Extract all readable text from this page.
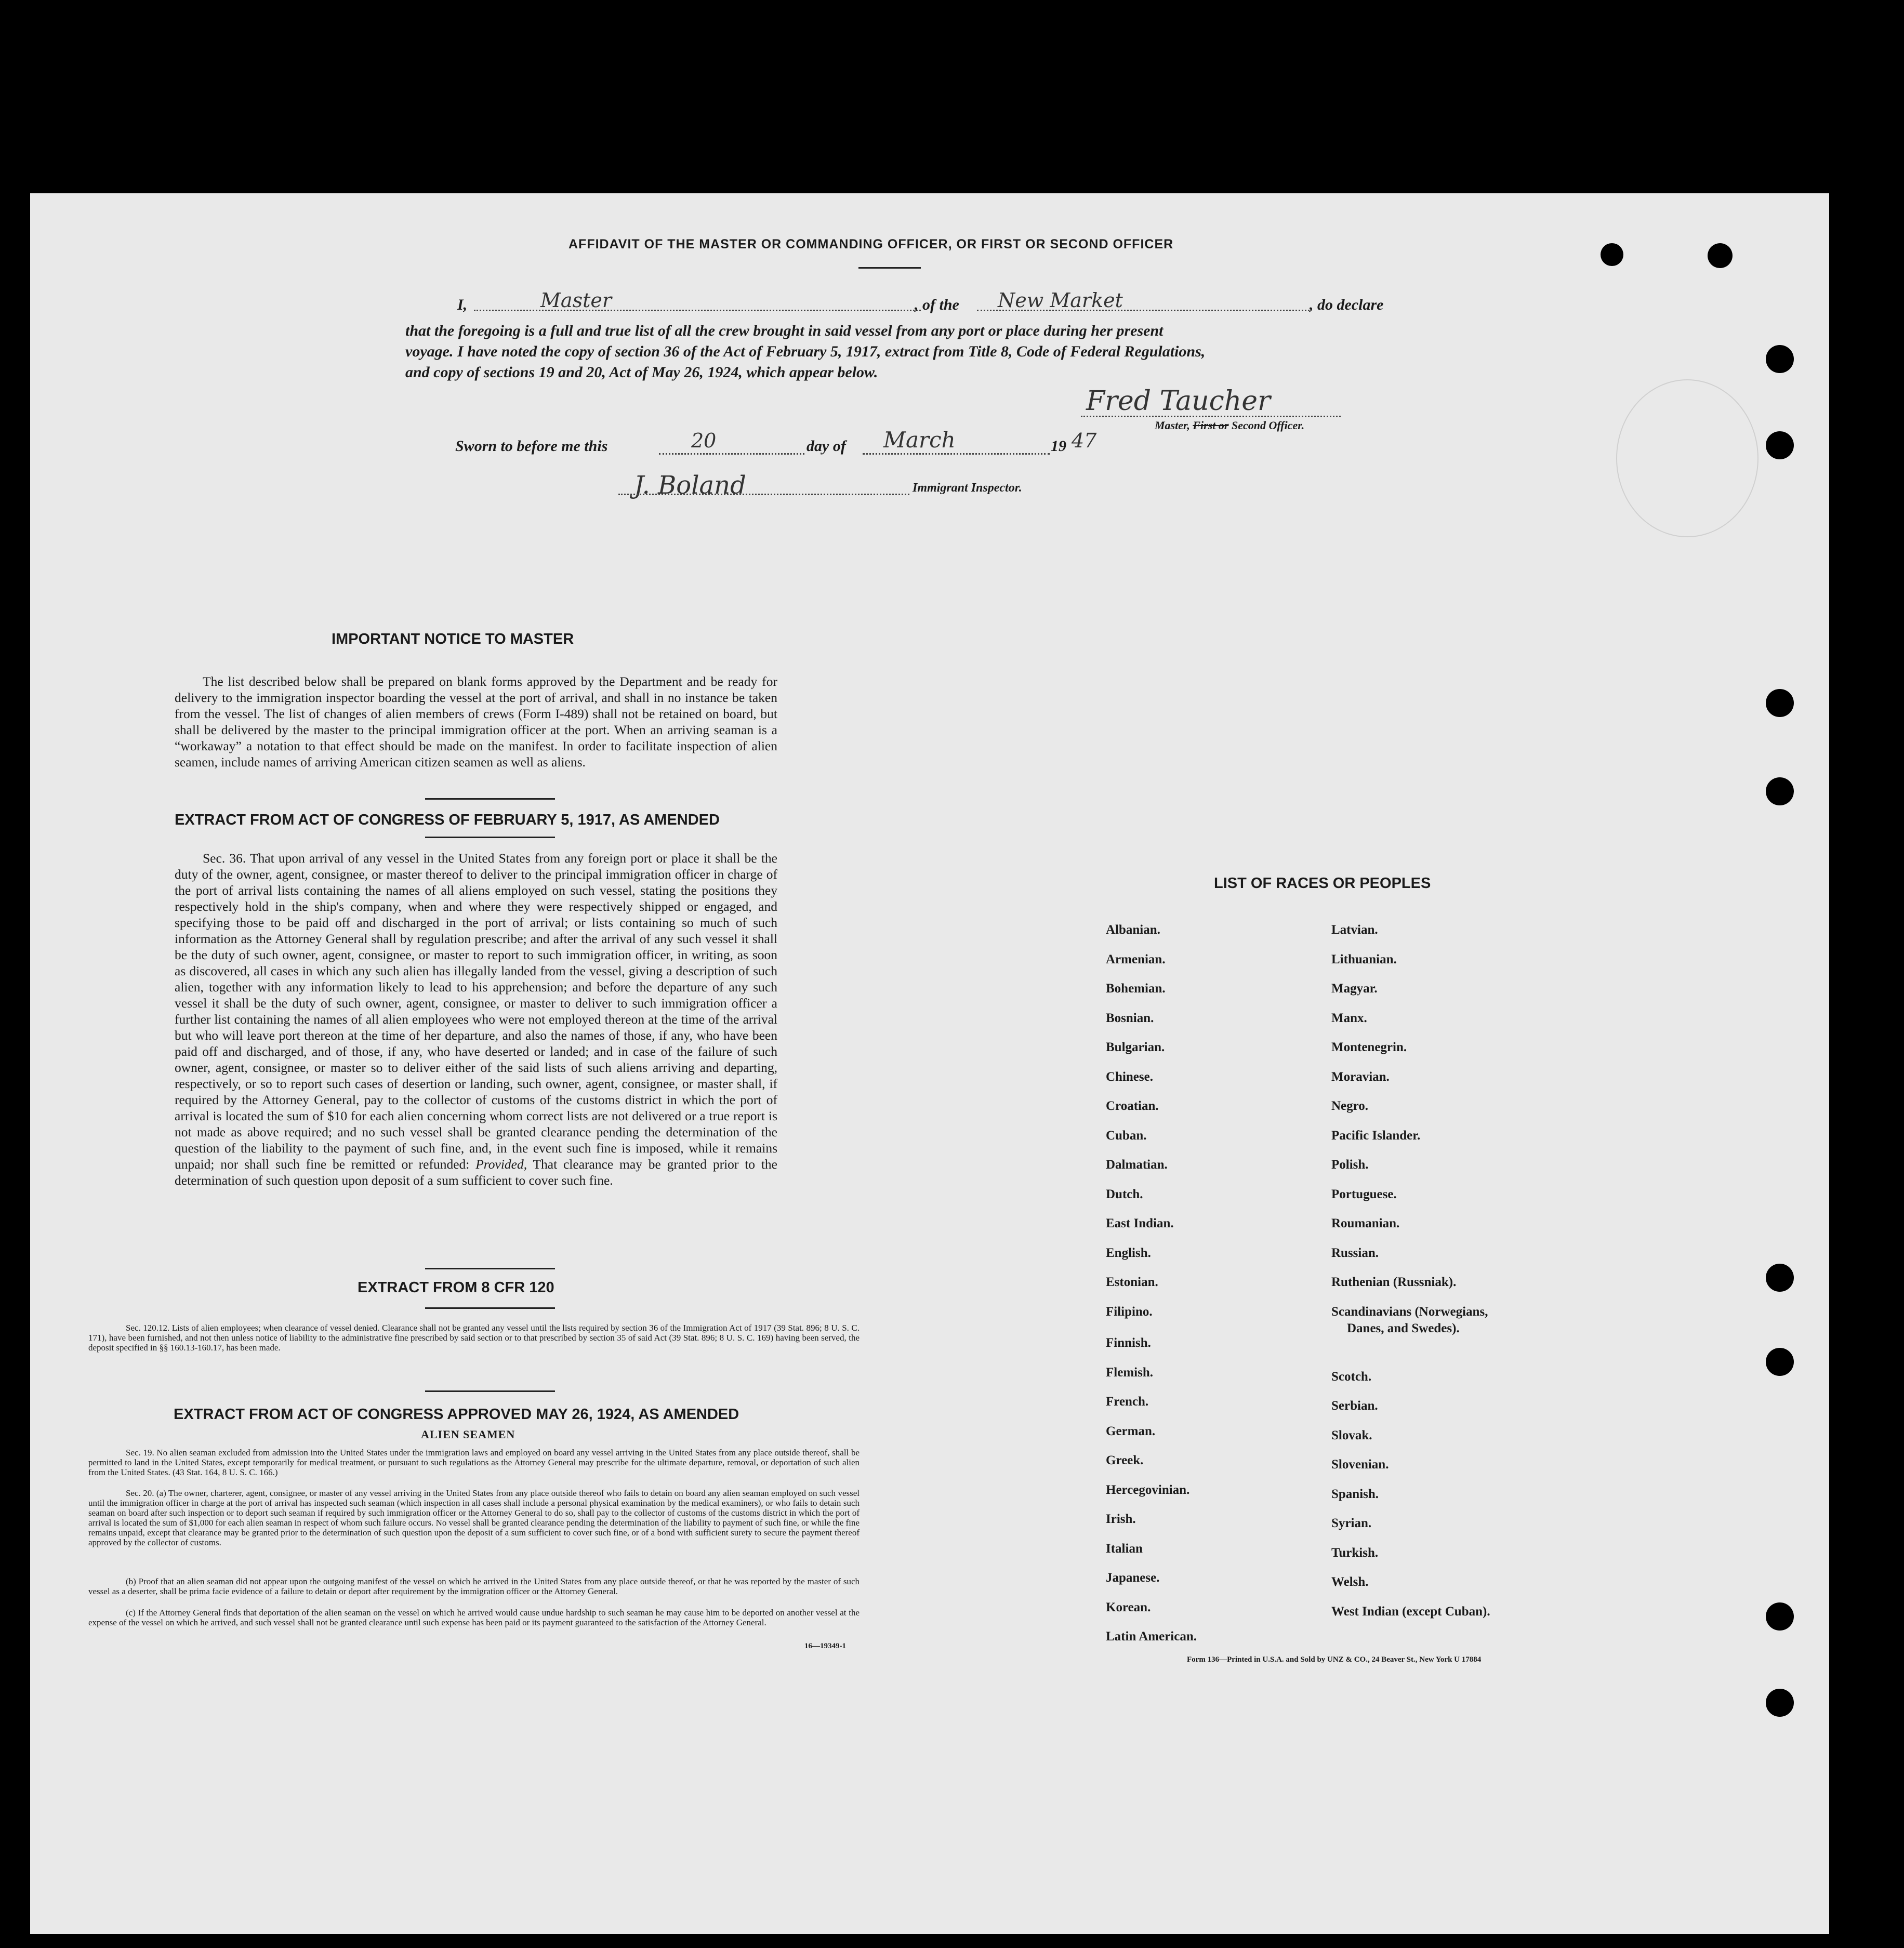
AFFIDAVIT OF THE MASTER OR COMMANDING OFFICER, OR FIRST OR SECOND OFFICER
I,	Master	, of the New Market	, do declare
that the foregoing is a full and true list of all the crew brought in said vessel from any port or place during her present
voyage. I have noted the copy of section 36 of the Act of February 5, 1917, extract from Title 8, Code of Federal Regulations,
and copy of sections 19 and 20, Act of May 26, 1924, which appear below.
Fred Taucher
Master, First or Second Officer.
Sworn to before me this	20	day of March	19 47
J. Boland	Immigrant Inspector.
IMPORTANT NOTICE TO MASTER
The list described below shall be prepared on blank forms approved by the Department and be ready for delivery to the immigration inspector boarding the vessel at the port of arrival, and shall in no instance be taken from the vessel. The list of changes of alien members of crews (Form I-489) shall not be retained on board, but shall be delivered by the master to the principal immigration officer at the port. When an arriving seaman is a “workaway” a notation to that effect should be made on the manifest. In order to facilitate inspection of alien seamen, include names of arriving American citizen seamen as well as aliens.
EXTRACT FROM ACT OF CONGRESS OF FEBRUARY 5, 1917, AS AMENDED
Sec. 36. That upon arrival of any vessel in the United States from any foreign port or place it shall be the duty of the owner, agent, consignee, or master thereof to deliver to the principal immigration officer in charge of the port of arrival lists containing the names of all aliens employed on such vessel, stating the positions they respectively hold in the ship's company, when and where they were respectively shipped or engaged, and specifying those to be paid off and discharged in the port of arrival; or lists containing so much of such information as the Attorney General shall by regulation prescribe; and after the arrival of any such vessel it shall be the duty of such owner, agent, consignee, or master to report to such immigration officer, in writing, as soon as discovered, all cases in which any such alien has illegally landed from the vessel, giving a description of such alien, together with any information likely to lead to his apprehension; and before the departure of any such vessel it shall be the duty of such owner, agent, consignee, or master to deliver to such immigration officer a further list containing the names of all alien employees who were not employed thereon at the time of the arrival but who will leave port thereon at the time of her departure, and also the names of those, if any, who have been paid off and discharged, and of those, if any, who have deserted or landed; and in case of the failure of such owner, agent, consignee, or master so to deliver either of the said lists of such aliens arriving and departing, respectively, or so to report such cases of desertion or landing, such owner, agent, consignee, or master shall, if required by the Attorney General, pay to the collector of customs of the customs district in which the port of arrival is located the sum of $10 for each alien concerning whom correct lists are not delivered or a true report is not made as above required; and no such vessel shall be granted clearance pending the determination of the question of the liability to the payment of such fine, and, in the event such fine is imposed, while it remains unpaid; nor shall such fine be remitted or refunded: Provided, That clearance may be granted prior to the determination of such question upon deposit of a sum sufficient to cover such fine.
EXTRACT FROM 8 CFR 120
Sec. 120.12. Lists of alien employees; when clearance of vessel denied. Clearance shall not be granted any vessel until the lists required by section 36 of the Immigration Act of 1917 (39 Stat. 896; 8 U. S. C. 171), have been furnished, and not then unless notice of liability to the administrative fine prescribed by said section or to that prescribed by section 35 of said Act (39 Stat. 896; 8 U. S. C. 169) having been served, the deposit specified in §§ 160.13-160.17, has been made.
EXTRACT FROM ACT OF CONGRESS APPROVED MAY 26, 1924, AS AMENDED
ALIEN SEAMEN
Sec. 19. No alien seaman excluded from admission into the United States under the immigration laws and employed on board any vessel arriving in the United States from any place outside thereof, shall be permitted to land in the United States, except temporarily for medical treatment, or pursuant to such regulations as the Attorney General may prescribe for the ultimate departure, removal, or deportation of such alien from the United States. (43 Stat. 164, 8 U. S. C. 166.)
Sec. 20. (a) The owner, charterer, agent, consignee, or master of any vessel arriving in the United States from any place outside thereof who fails to detain on board any alien seaman employed on such vessel until the immigration officer in charge at the port of arrival has inspected such seaman (which inspection in all cases shall include a personal physical examination by the medical examiners), or who fails to detain such seaman on board after such inspection or to deport such seaman if required by such immigration officer or the Attorney General to do so, shall pay to the collector of customs of the customs district in which the port of arrival is located the sum of $1,000 for each alien seaman in respect of whom such failure occurs. No vessel shall be granted clearance pending the determination of the liability to payment of such fine, or while the fine remains unpaid, except that clearance may be granted prior to the determination of such question upon the deposit of a sum sufficient to cover such fine, or of a bond with sufficient surety to secure the payment thereof approved by the collector of customs.
(b) Proof that an alien seaman did not appear upon the outgoing manifest of the vessel on which he arrived in the United States from any place outside thereof, or that he was reported by the master of such vessel as a deserter, shall be prima facie evidence of a failure to detain or deport after requirement by the immigration officer or the Attorney General.
(c) If the Attorney General finds that deportation of the alien seaman on the vessel on which he arrived would cause undue hardship to such seaman he may cause him to be deported on another vessel at the expense of the vessel on which he arrived, and such vessel shall not be granted clearance until such expense has been paid or its payment guaranteed to the satisfaction of the Attorney General.
16—19349-1
LIST OF RACES OR PEOPLES
Albanian.
Armenian.
Bohemian.
Bosnian.
Bulgarian.
Chinese.
Croatian.
Cuban.
Dalmatian.
Dutch.
East Indian.
English.
Estonian.
Filipino.
Finnish.
Flemish.
French.
German.
Greek.
Hercegovinian.
Irish.
Italian
Japanese.
Korean.
Latin American.
Latvian.
Lithuanian.
Magyar.
Manx.
Montenegrin.
Moravian.
Negro.
Pacific Islander.
Polish.
Portuguese.
Roumanian.
Russian.
Ruthenian (Russniak).
Scandinavians (Norwegians,
Danes, and Swedes).
Scotch.
Serbian.
Slovak.
Slovenian.
Spanish.
Syrian.
Turkish.
Welsh.
West Indian (except Cuban).
Form 136—Printed in U.S.A. and Sold by UNZ & CO., 24 Beaver St., New York U 17884
